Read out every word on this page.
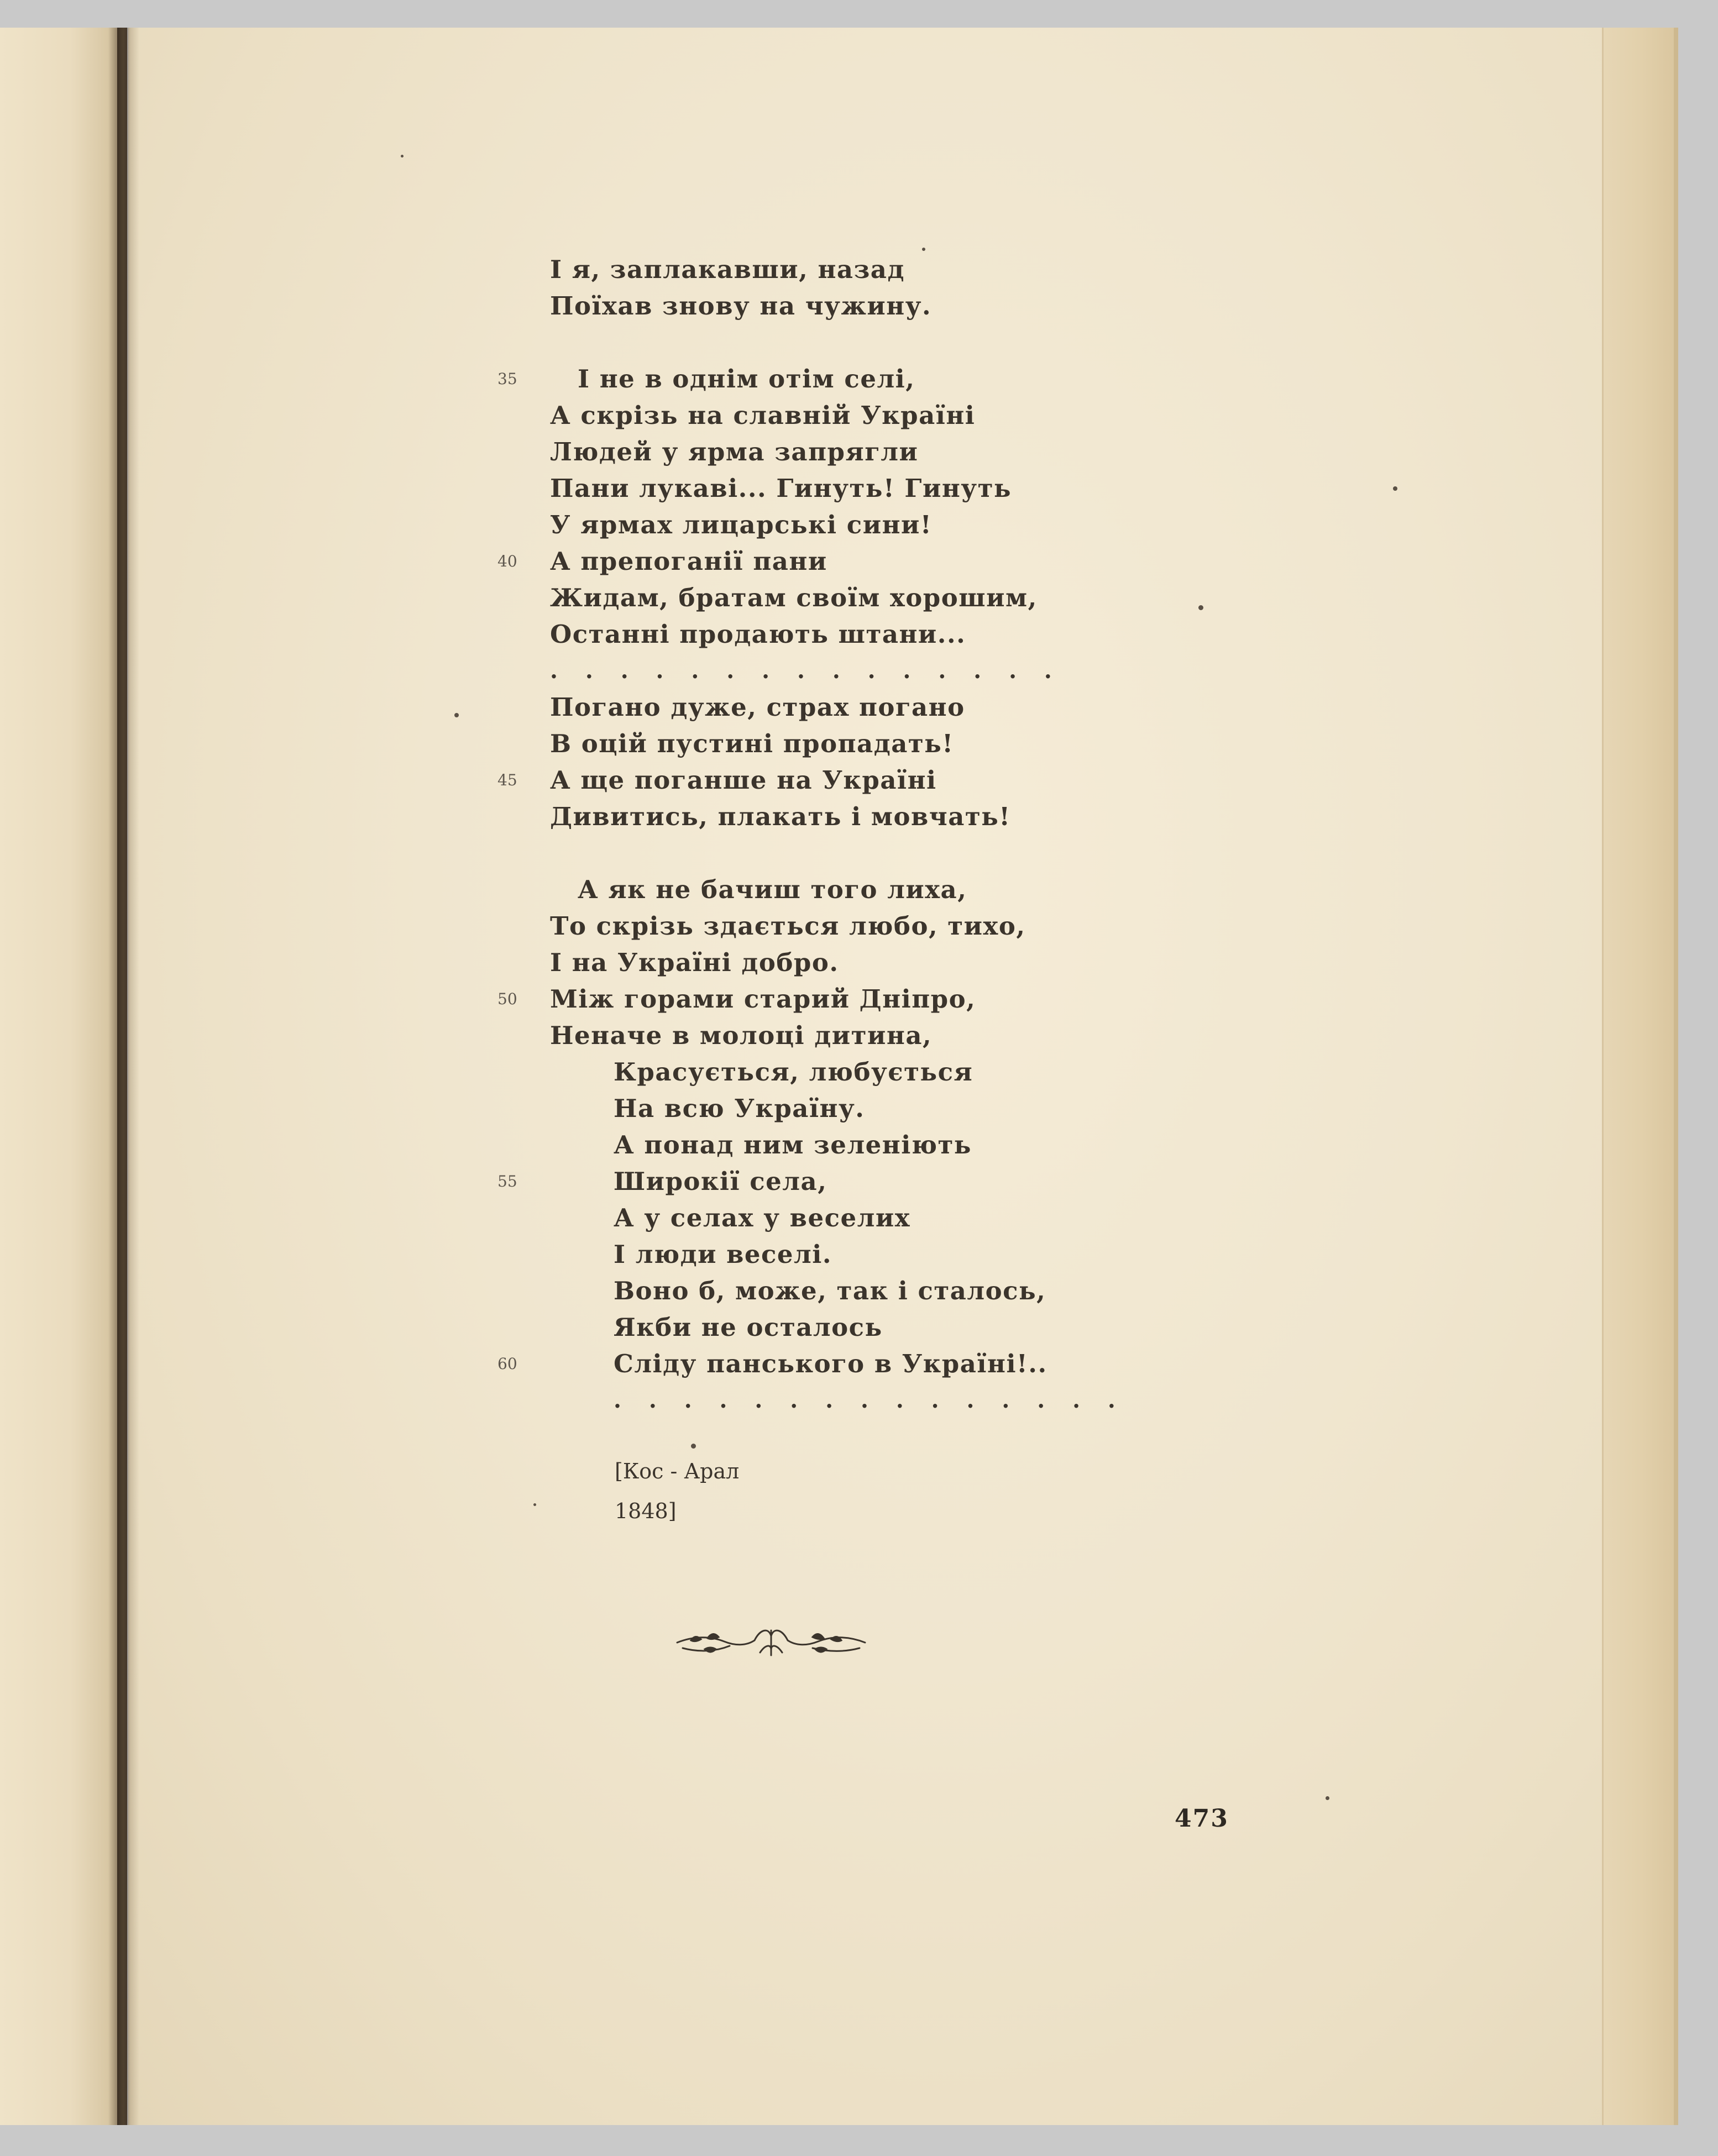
І я, заплакавши, назад
Поїхав знову на чужину.
35 І не в однім отім селі,
А скрізь на славній Україні
Людей у ярма запрягли
Пани лукаві... Гинуть! Гинуть
У ярмах лицарські сини!
40 А препоганії пани
Жидам, братам своїм хорошим,
Останні продають штани...
. . . . . . . . . . . . . . .
Погано дуже, страх погано
В оцій пустині пропадать!
45 А ще поганше на Україні
Дивитись, плакать і мовчать!
А як не бачиш того лиха,
То скрізь здається любо, тихо,
І на Україні добро.
50 Між горами старий Дніпро,
Неначе в молоці дитина,
Красується, любується
На всю Україну.
А понад ним зеленіють
55	Широкії села,
А у селах у веселих
І люди веселі.
Воно б, може, так і сталось,
Якби не осталось
60	Сліду панського в Україні!..
. . . . . . . . . . . . . . .
[Кос - Арал
1848]
473
